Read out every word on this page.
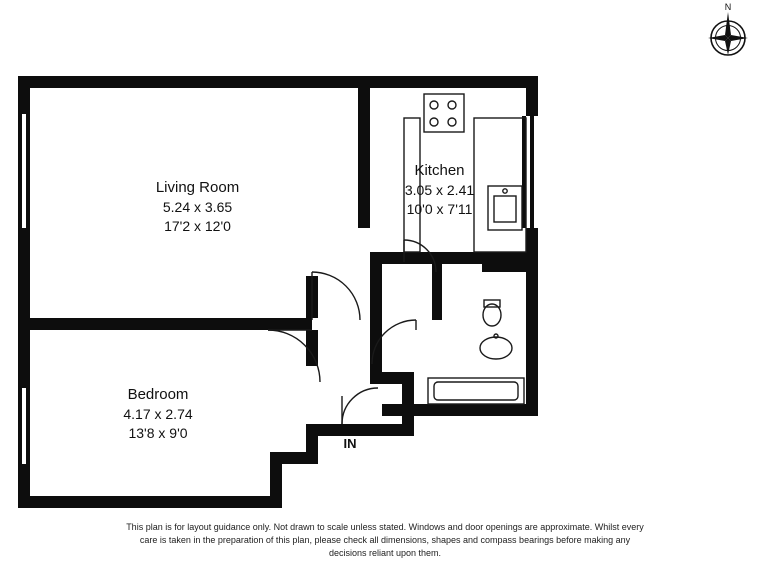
Living Room
5.24 x 3.65
17'2 x 12'0
Kitchen
3.05 x 2.41
10'0 x 7'11
Bedroom
4.17 x 2.74
13'8 x 9'0
IN
This plan is for layout guidance only. Not drawn to scale unless stated. Windows and door openings are approximate. Whilst every care is taken in the preparation of this plan, please check all dimensions, shapes and compass bearings before making any decisions reliant upon them.
N
